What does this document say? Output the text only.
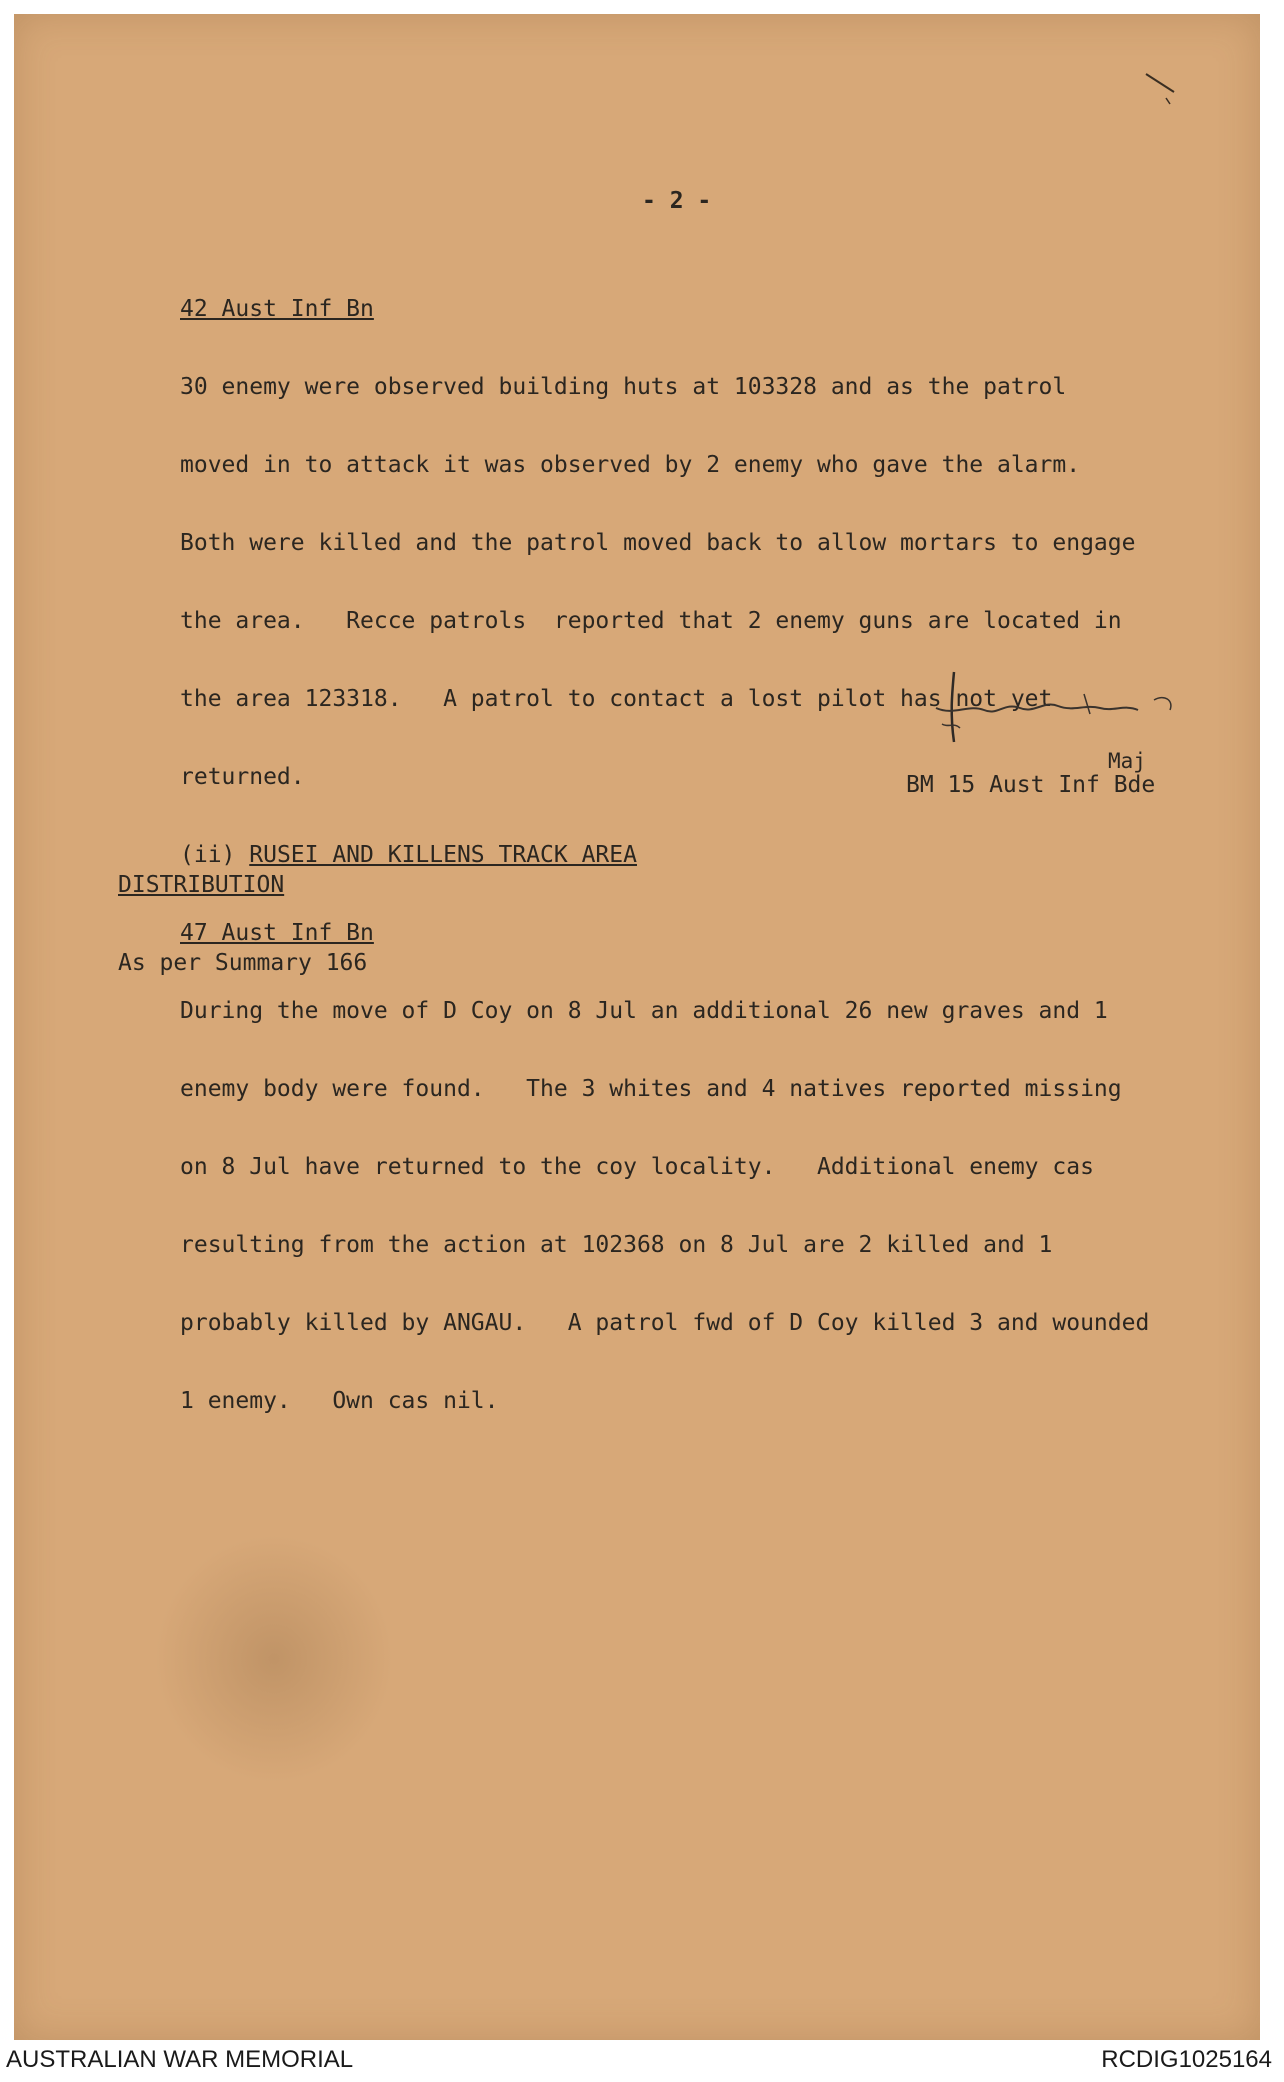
- 2 -

42 Aust Inf Bn

30 enemy were observed building huts at 103328 and as the patrol

moved in to attack it was observed by 2 enemy who gave the alarm.

Both were killed and the patrol moved back to allow mortars to engage

the area.   Recce patrols  reported that 2 enemy guns are located in

the area 123318.   A patrol to contact a lost pilot has not yet

returned.

(ii) RUSEI AND KILLENS TRACK AREA

47 Aust Inf Bn

During the move of D Coy on 8 Jul an additional 26 new graves and 1

enemy body were found.   The 3 whites and 4 natives reported missing

on 8 Jul have returned to the coy locality.   Additional enemy cas

resulting from the action at 102368 on 8 Jul are 2 killed and 1

probably killed by ANGAU.   A patrol fwd of D Coy killed 3 and wounded

1 enemy.   Own cas nil.

Maj
BM 15 Aust Inf Bde

DISTRIBUTION

As per Summary 166

AUSTRALIAN WAR MEMORIAL	RCDIG1025164
